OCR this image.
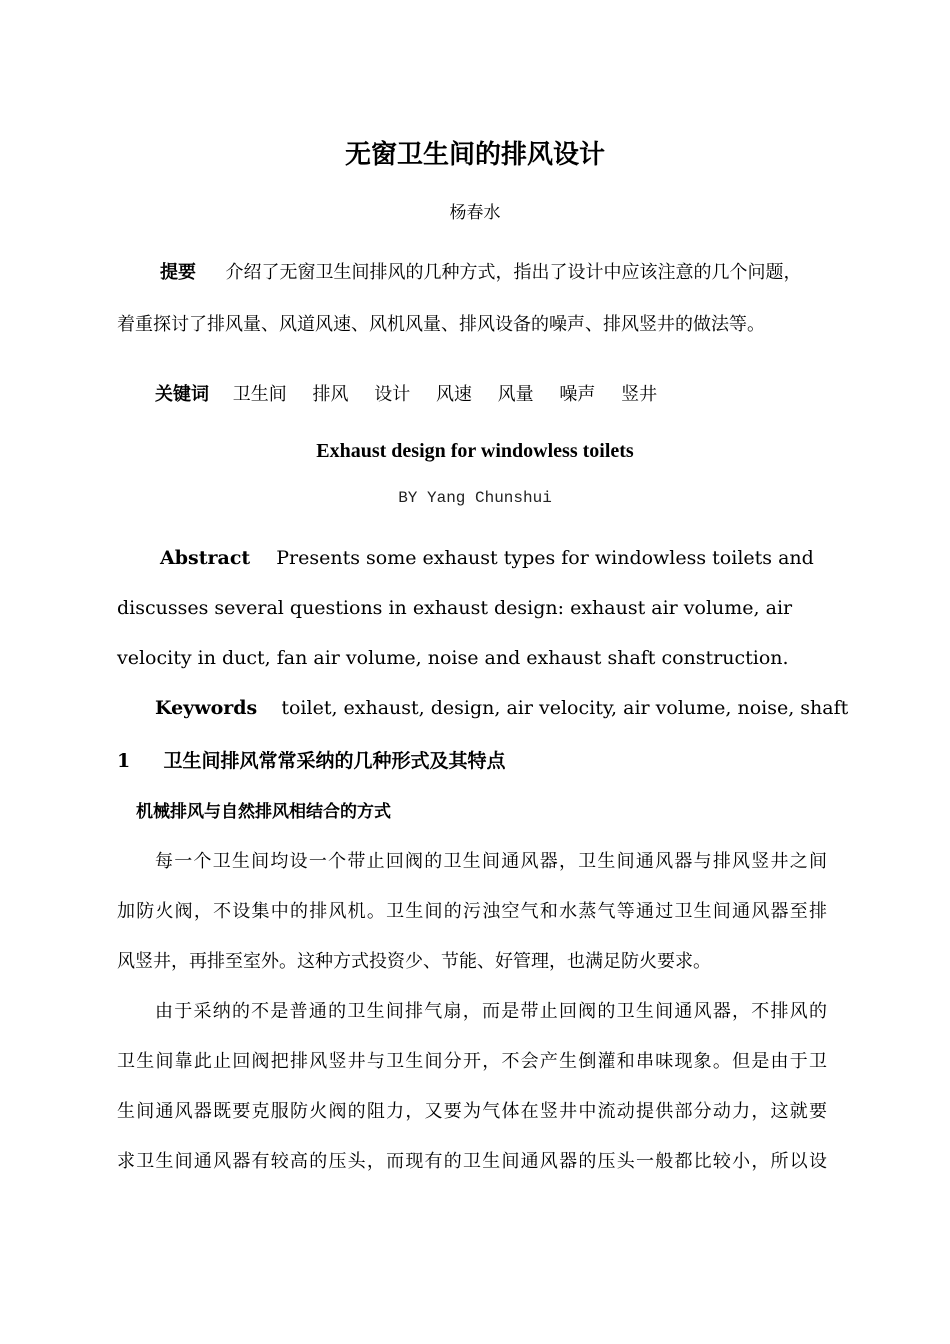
无窗卫生间的排风设计
杨春水
提要 介绍了无窗卫生间排风的几种方式，指出了设计中应该注意的几个问题，
着重探讨了排风量、风道风速、风机风量、排风设备的噪声、排风竖井的做法等。
关键词 卫生间 排风 设计 风速 风量 噪声 竖井
Exhaust design for windowless toilets
BY Yang Chunshui
Abstract Presents some exhaust types for windowless toilets and
discusses several questions in exhaust design: exhaust air volume, air
velocity in duct, fan air volume, noise and exhaust shaft construction.
Keywords toilet, exhaust, design, air velocity, air volume, noise, shaft
1 卫生间排风常常采纳的几种形式及其特点
机械排风与自然排风相结合的方式
每一个卫生间均设一个带止回阀的卫生间通风器，卫生间通风器与排风竖井之间
加防火阀，不设集中的排风机。卫生间的污浊空气和水蒸气等通过卫生间通风器至排
风竖井，再排至室外。这种方式投资少、节能、好管理，也满足防火要求。
由于采纳的不是普通的卫生间排气扇，而是带止回阀的卫生间通风器，不排风的
卫生间靠此止回阀把排风竖井与卫生间分开，不会产生倒灌和串味现象。但是由于卫
生间通风器既要克服防火阀的阻力，又要为气体在竖井中流动提供部分动力，这就要
求卫生间通风器有较高的压头，而现有的卫生间通风器的压头一般都比较小，所以设
